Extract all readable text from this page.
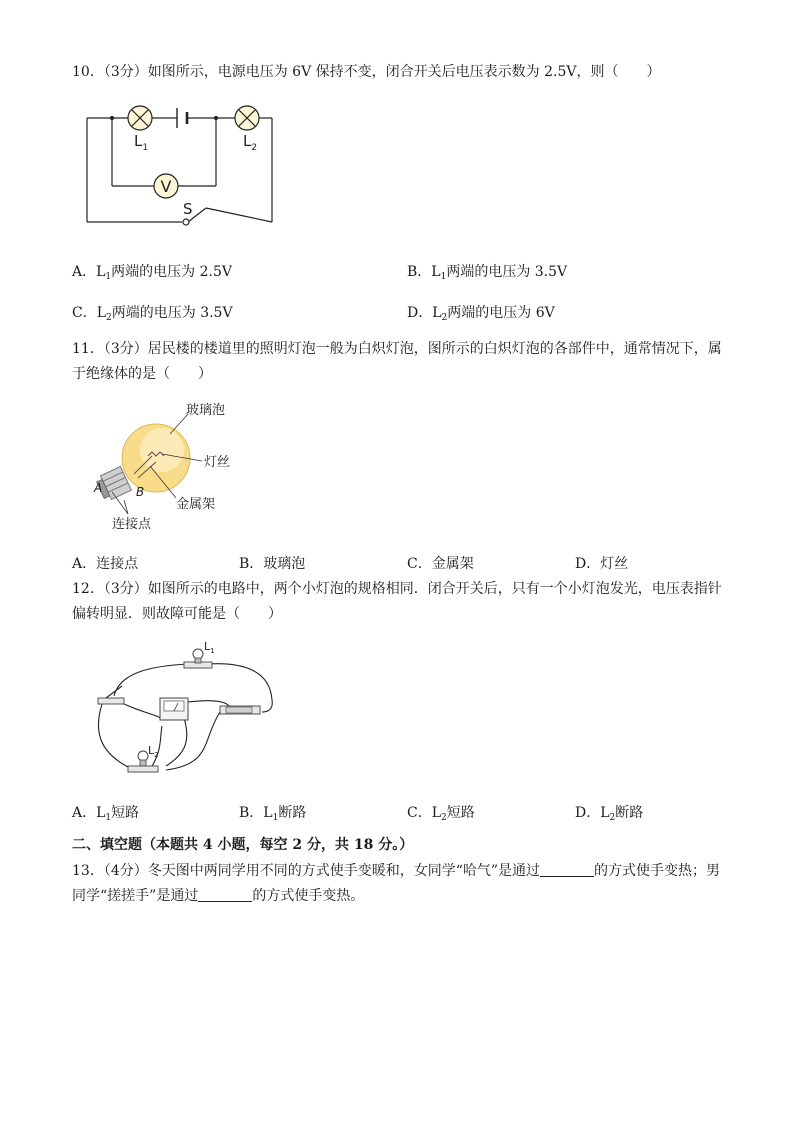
10．（3分）如图所示，电源电压为 6V 保持不变，闭合开关后电压表示数为 2.5V，则（　　）
V
$L_1$	$L_2$
S
A．$L_1$两端的电压为 2.5V	B．$L_1$两端的电压为 3.5V
C．$L_2$两端的电压为 3.5V	D．$L_2$两端的电压为 6V
11．（3分）居民楼的楼道里的照明灯泡一般为白炽灯泡，图所示的白炽灯泡的各部件中，通常情况下，属于绝缘体的是（　　）
玻璃泡
灯丝
金属架
A	B
连接点
A．连接点	B．玻璃泡	C．金属架	D．灯丝
12．（3分）如图所示的电路中，两个小灯泡的规格相同．闭合开关后，只有一个小灯泡发光，电压表指针偏转明显．则故障可能是（　　）
$L_1$
$L_2$
A．$L_1$短路	B．$L_1$断路	C．$L_2$短路	D．$L_2$断路
二、填空题（本题共 4 小题，每空 2 分，共 18 分。）
13．（4分）冬天图中两同学用不同的方式使手变暖和，女同学“哈气”是通过	的方式使手变热；男同学“搓搓手”是通过	的方式使手变热。
